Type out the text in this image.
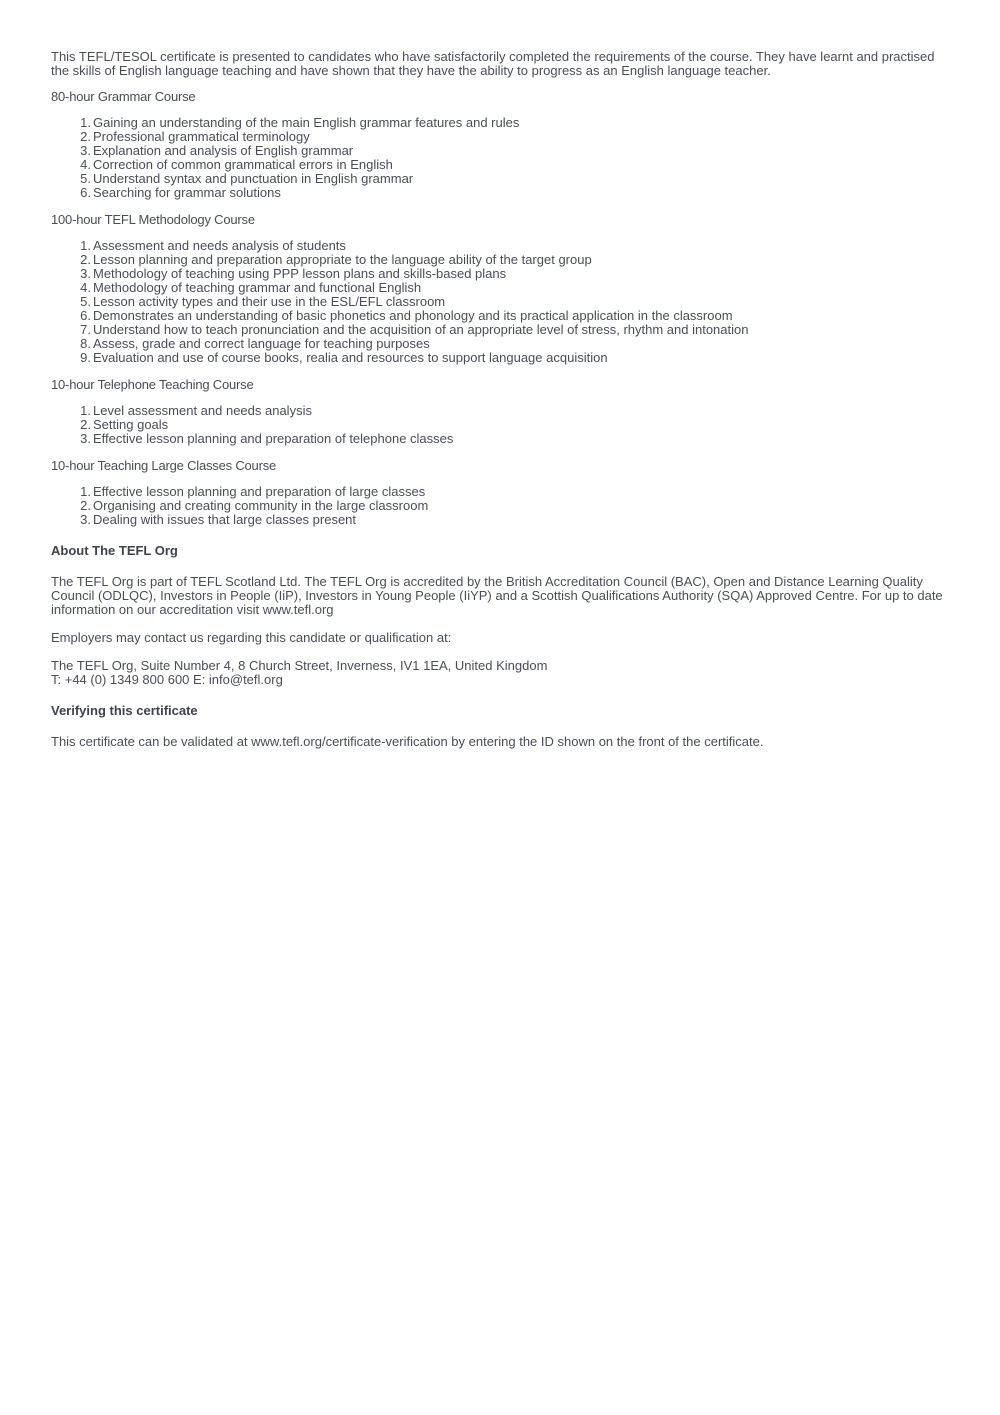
This TEFL/TESOL certificate is presented to candidates who have satisfactorily completed the requirements of the course. They have learnt and practised the skills of English language teaching and have shown that they have the ability to progress as an English language teacher.

80-hour Grammar Course
1. Gaining an understanding of the main English grammar features and rules
2. Professional grammatical terminology
3. Explanation and analysis of English grammar
4. Correction of common grammatical errors in English
5. Understand syntax and punctuation in English grammar
6. Searching for grammar solutions
100-hour TEFL Methodology Course
1. Assessment and needs analysis of students
2. Lesson planning and preparation appropriate to the language ability of the target group
3. Methodology of teaching using PPP lesson plans and skills-based plans
4. Methodology of teaching grammar and functional English
5. Lesson activity types and their use in the ESL/EFL classroom
6. Demonstrates an understanding of basic phonetics and phonology and its practical application in the classroom
7. Understand how to teach pronunciation and the acquisition of an appropriate level of stress, rhythm and intonation
8. Assess, grade and correct language for teaching purposes
9. Evaluation and use of course books, realia and resources to support language acquisition
10-hour Telephone Teaching Course
1. Level assessment and needs analysis
2. Setting goals
3. Effective lesson planning and preparation of telephone classes
10-hour Teaching Large Classes Course
1. Effective lesson planning and preparation of large classes
2. Organising and creating community in the large classroom
3. Dealing with issues that large classes present
About The TEFL Org

The TEFL Org is part of TEFL Scotland Ltd. The TEFL Org is accredited by the British Accreditation Council (BAC), Open and Distance Learning Quality Council (ODLQC), Investors in People (IiP), Investors in Young People (IiYP) and a Scottish Qualifications Authority (SQA) Approved Centre. For up to date information on our accreditation visit www.tefl.org

Employers may contact us regarding this candidate or qualification at:

The TEFL Org, Suite Number 4, 8 Church Street, Inverness, IV1 1EA, United Kingdom

T: +44 (0) 1349 800 600 E: info@tefl.org

Verifying this certificate

This certificate can be validated at www.tefl.org/certificate-verification by entering the ID shown on the front of the certificate.
